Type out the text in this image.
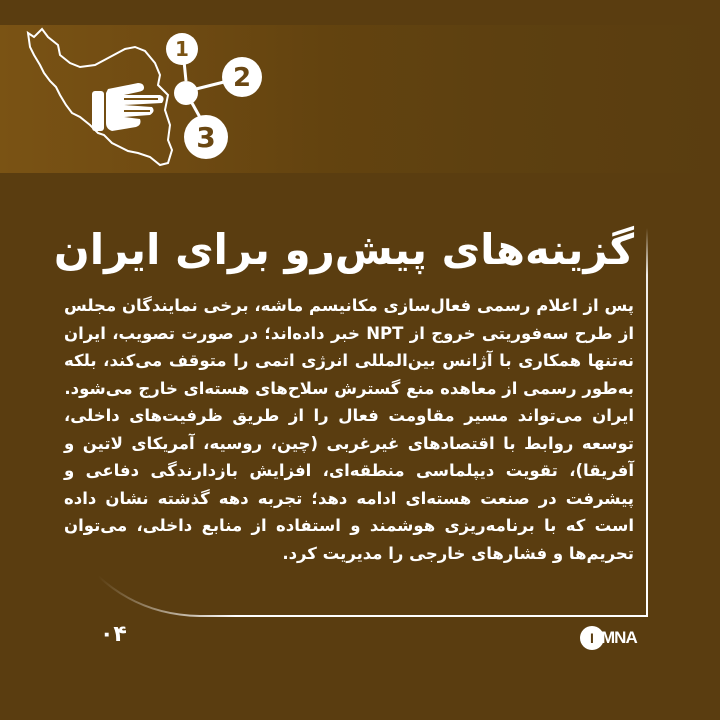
1
2
3
گزینه‌های پیش‌رو برای ایران

پس از اعلام رسمی فعال‌سازی مکانیسم ماشه، برخی نمایندگان مجلس از طرح سه‌فوریتی خروج از NPT خبر داده‌اند؛ در صورت تصویب، ایران نه‌تنها همکاری با آژانس بین‌المللی انرژی اتمی را متوقف می‌کند، بلکه به‌طور رسمی از معاهده منع گسترش سلاح‌های هسته‌ای خارج می‌شود.

ایران می‌تواند مسیر مقاومت فعال را از طریق ظرفیت‌های داخلی، توسعه روابط با اقتصادهای غیرغربی (چین، روسیه، آمریکای لاتین و آفریقا)، تقویت دیپلماسی منطقه‌ای، افزایش بازدارندگی دفاعی و پیشرفت در صنعت هسته‌ای ادامه دهد؛ تجربه دهه گذشته نشان داده است که با برنامه‌ریزی هوشمند و استفاده از منابع داخلی، می‌توان تحریم‌ها و فشارهای خارجی را مدیریت کرد.

۰۴	I MNA
